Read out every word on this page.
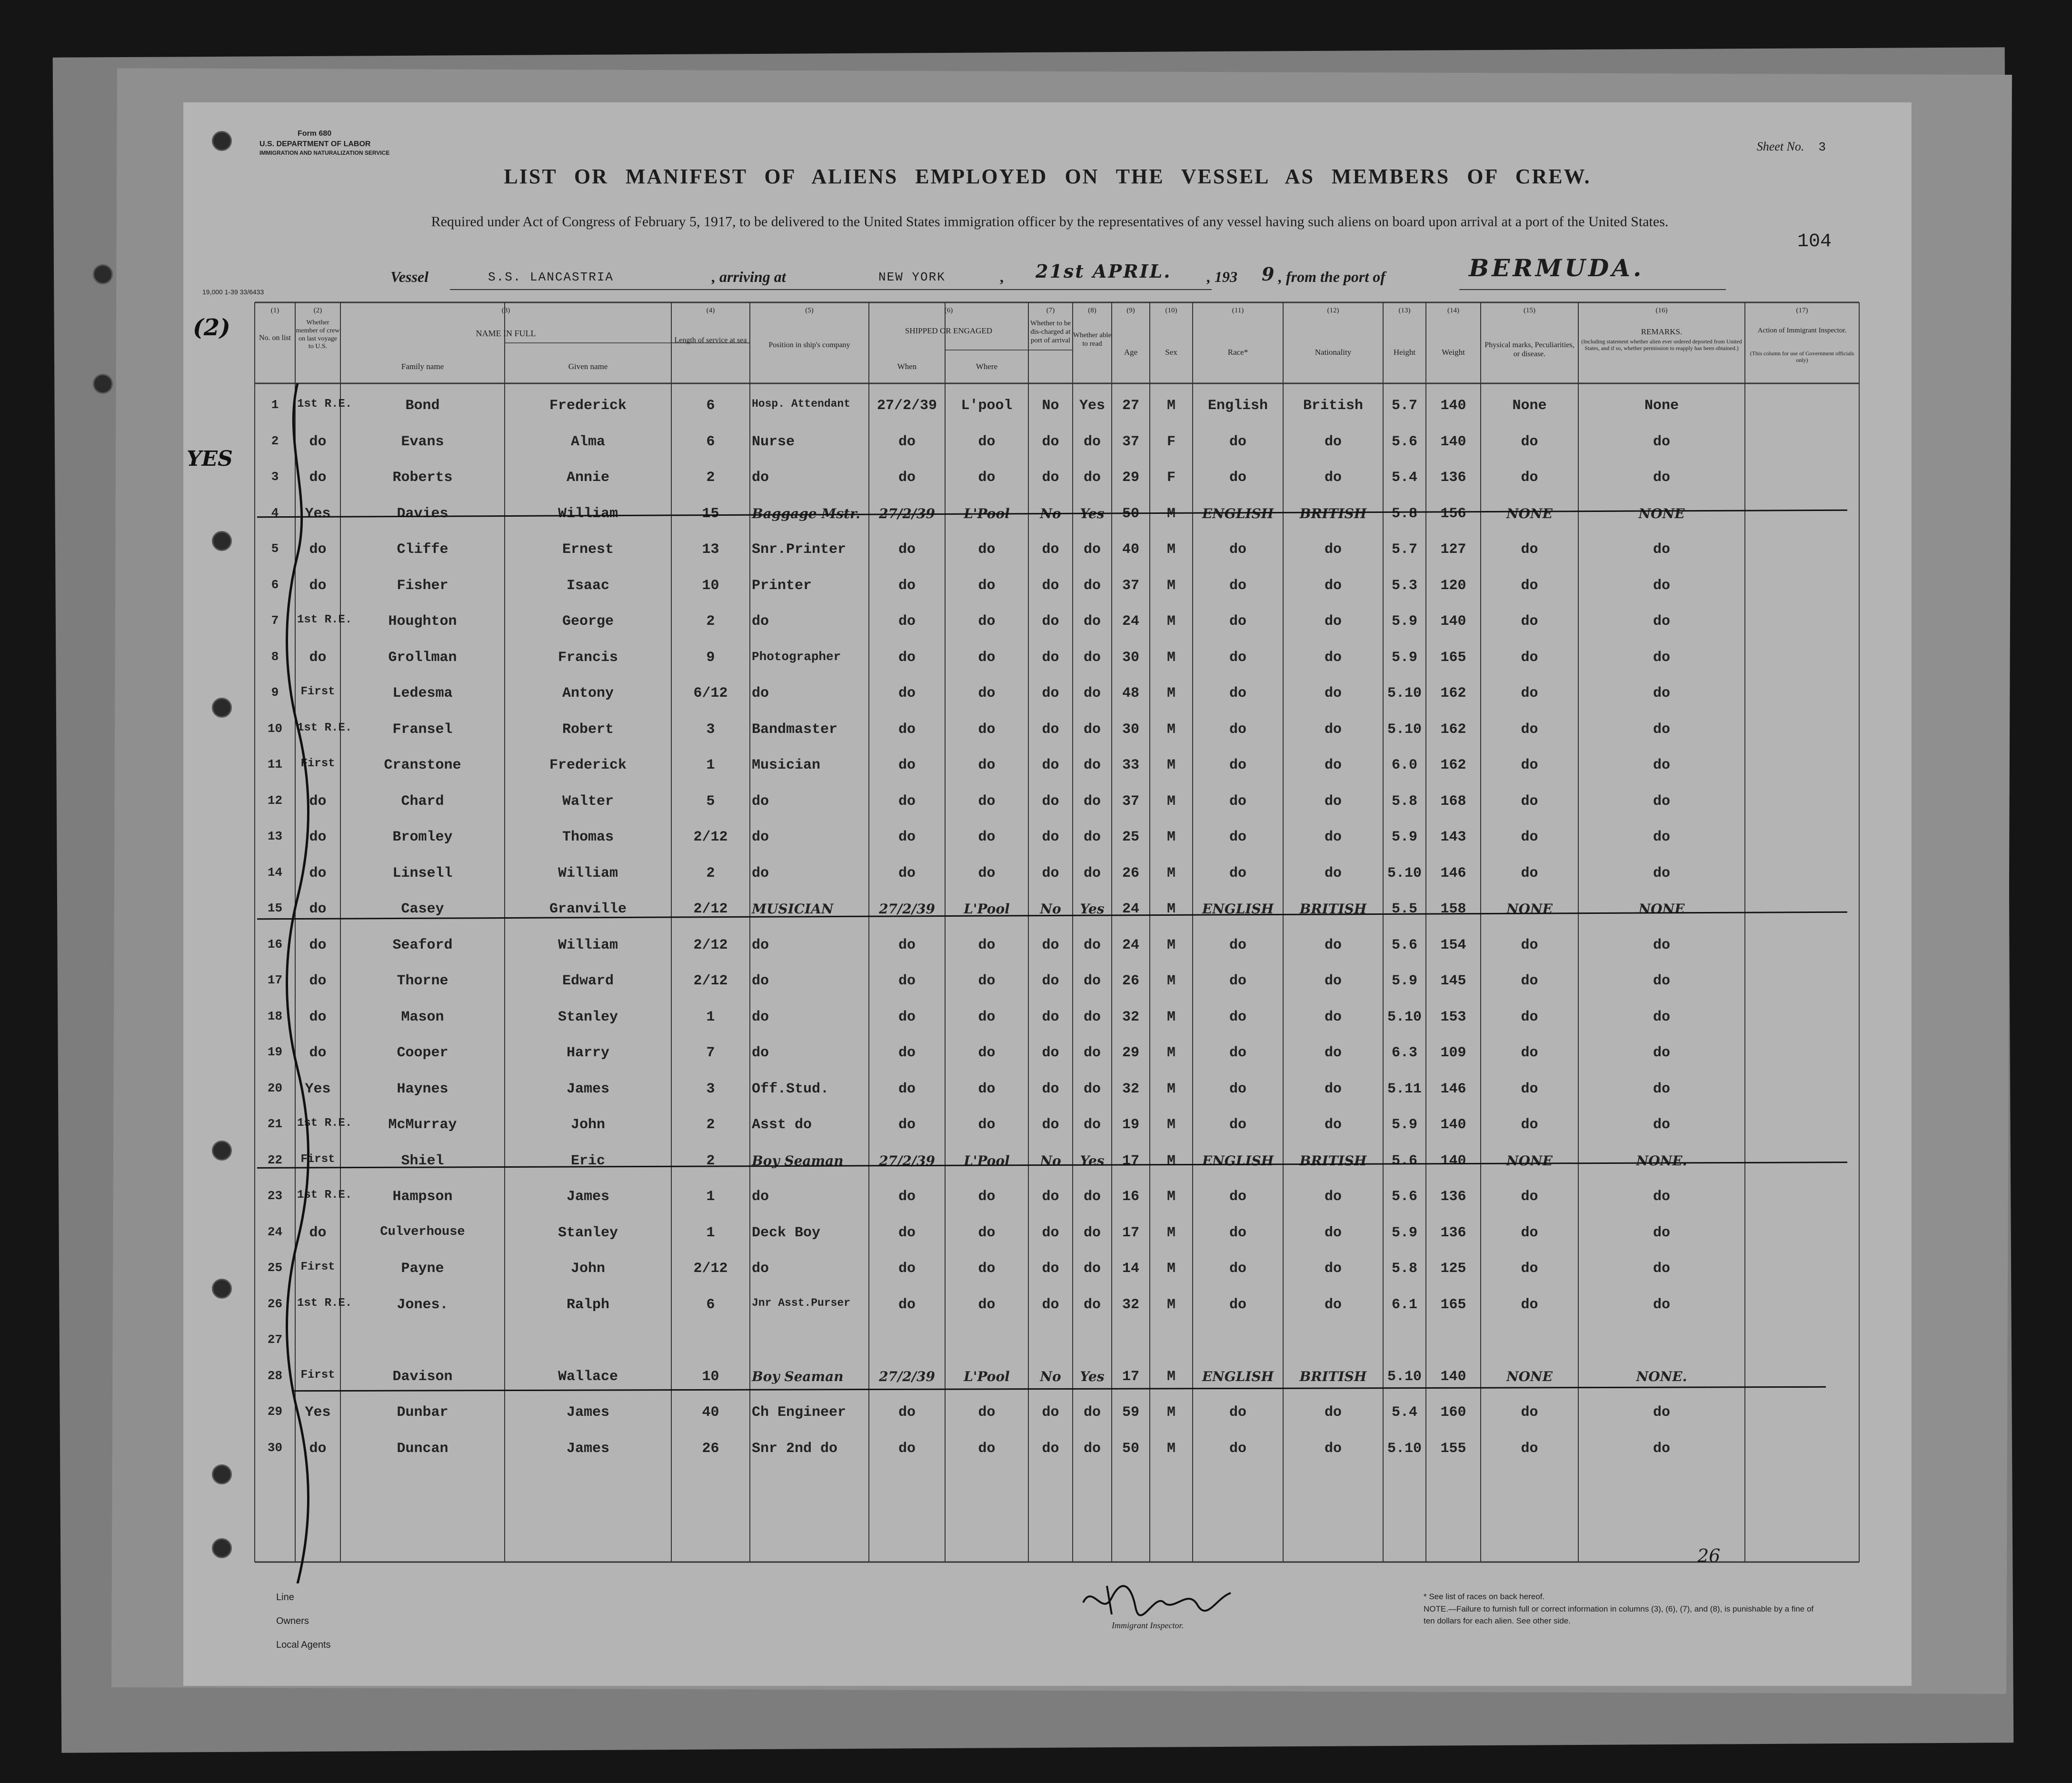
Form 680
U.S. DEPARTMENT OF LABOR
IMMIGRATION AND NATURALIZATION SERVICE	Sheet No. 3
LIST OR MANIFEST OF ALIENS EMPLOYED ON THE VESSEL AS MEMBERS OF CREW.
Required under Act of Congress of February 5, 1917, to be delivered to the United States immigration officer by the representatives of any vessel having such aliens on board upon arrival at a port of the United States.
104
Vessel	S.S. LANCASTRIA	, arriving at	NEW YORK	, 21st APRIL. , 193 9 , from the port of	BERMUDA.
19,000 1-39 33/6433
(2)
YES
(1)	(2)	(3)	(4)	(5)	(6)	(7)	(8)	(9)	(10)	(11)	(12)	(13)	(14)	(15)	(16)	(17)
No. on list
Whether member of crew on last voyage to U.S.
NAME IN FULL
Family name	Given name
Length of service at sea
Position in ship's company
SHIPPED OR ENGAGED
When	Where
Whether to be dis-charged at port of arrival
Whether able to read
Age	Sex	Race*	Nationality	Height	Weight
Physical marks, Peculiarities, or disease.
REMARKS.
(Including statement whether alien ever ordered deported from United States, and if so, whether permission to reapply has been obtained.)
Action of Immigrant Inspector.
(This column for use of Government officials only)
1	1st R.E.	Bond	Frederick	6	Hosp. Attendant	27/2/39	L'pool	No	Yes	27	M	English	British	5.7	140	None	None
2	do	Evans	Alma	6	Nurse	do	do	do	do	37	F	do	do	5.6	140	do	do
3	do	Roberts	Annie	2	do	do	do	do	do	29	F	do	do	5.4	136	do	do
4	Yes	Davies	William	15	Baggage Mstr.	27/2/39	L'Pool	No	Yes	50	M	ENGLISH	BRITISH	5.8	156	NONE	NONE
5	do	Cliffe	Ernest	13	Snr.Printer	do	do	do	do	40	M	do	do	5.7	127	do	do
6	do	Fisher	Isaac	10	Printer	do	do	do	do	37	M	do	do	5.3	120	do	do
7	1st R.E.	Houghton	George	2	do	do	do	do	do	24	M	do	do	5.9	140	do	do
8	do	Grollman	Francis	9	Photographer	do	do	do	do	30	M	do	do	5.9	165	do	do
9	First	Ledesma	Antony	6/12	do	do	do	do	do	48	M	do	do	5.10	162	do	do
10	1st R.E.	Fransel	Robert	3	Bandmaster	do	do	do	do	30	M	do	do	5.10	162	do	do
11	First	Cranstone	Frederick	1	Musician	do	do	do	do	33	M	do	do	6.0	162	do	do
12	do	Chard	Walter	5	do	do	do	do	do	37	M	do	do	5.8	168	do	do
13	do	Bromley	Thomas	2/12	do	do	do	do	do	25	M	do	do	5.9	143	do	do
14	do	Linsell	William	2	do	do	do	do	do	26	M	do	do	5.10	146	do	do
15	do	Casey	Granville	2/12	MUSICIAN	27/2/39	L'Pool	No	Yes	24	M	ENGLISH	BRITISH	5.5	158	NONE	NONE
16	do	Seaford	William	2/12	do	do	do	do	do	24	M	do	do	5.6	154	do	do
17	do	Thorne	Edward	2/12	do	do	do	do	do	26	M	do	do	5.9	145	do	do
18	do	Mason	Stanley	1	do	do	do	do	do	32	M	do	do	5.10	153	do	do
19	do	Cooper	Harry	7	do	do	do	do	do	29	M	do	do	6.3	109	do	do
20	Yes	Haynes	James	3	Off.Stud.	do	do	do	do	32	M	do	do	5.11	146	do	do
21	1st R.E.	McMurray	John	2	Asst do	do	do	do	do	19	M	do	do	5.9	140	do	do
22	First	Shiel	Eric	2	Boy Seaman	27/2/39	L'Pool	No	Yes	17	M	ENGLISH	BRITISH	5.6	140	NONE	NONE.
23	1st R.E.	Hampson	James	1	do	do	do	do	do	16	M	do	do	5.6	136	do	do
24	do	Culverhouse	Stanley	1	Deck Boy	do	do	do	do	17	M	do	do	5.9	136	do	do
25	First	Payne	John	2/12	do	do	do	do	do	14	M	do	do	5.8	125	do	do
26	1st R.E.	Jones.	Ralph	6	Jnr Asst.Purser	do	do	do	do	32	M	do	do	6.1	165	do	do
27
28	First	Davison	Wallace	10	Boy Seaman	27/2/39	L'Pool	No	Yes	17	M	ENGLISH	BRITISH	5.10	140	NONE	NONE.
29	Yes	Dunbar	James	40	Ch Engineer	do	do	do	do	59	M	do	do	5.4	160	do	do
30	do	Duncan	James	26	Snr 2nd do	do	do	do	do	50	M	do	do	5.10	155	do	do
Line
Owners
Local Agents
Immigrant Inspector.
* See list of races on back hereof.
NOTE.—Failure to furnish full or correct information in columns (3), (6), (7), and (8), is punishable by a fine of ten dollars for each alien. See other side.
26
